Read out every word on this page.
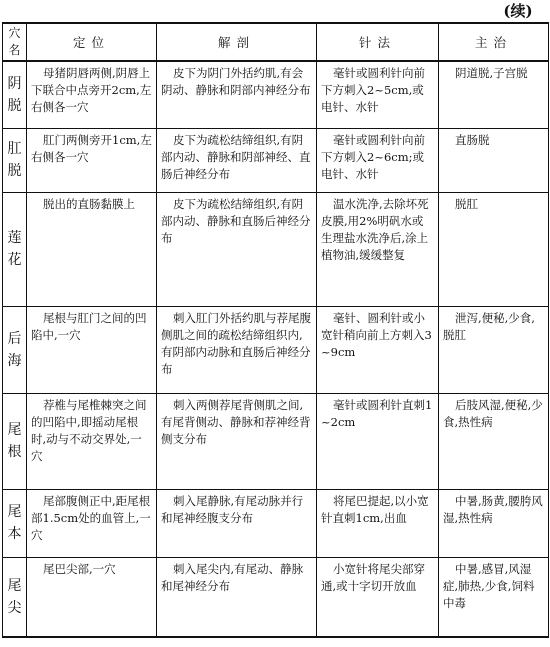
(续)
穴名	定位	解剖	针法	主治

阴
脱	母猪阴唇两侧,阴唇上下联合中点旁开2cm,左右侧各一穴	皮下为阴门外括约肌,有会阴动、静脉和阴部内神经分布	毫针或圆利针向前下方刺入2~5cm,或电针、水针	阴道脱,子宫脱

肛
脱	肛门两侧旁开1cm,左右侧各一穴	皮下为疏松结缔组织,有阴部内动、静脉和阴部神经、直肠后神经分布	毫针或圆利针向前下方刺入2~6cm;或电针、水针	直肠脱

莲
花	脱出的直肠黏膜上	皮下为疏松结缔组织,有阴部内动、静脉和直肠后神经分布	温水洗净,去除坏死皮膜,用2%明矾水或生理盐水洗净后,涂上植物油,缓缓整复	脱肛

后
海	尾根与肛门之间的凹陷中,一穴	刺入肛门外括约肌与荐尾腹侧肌之间的疏松结缔组织内,有阴部内动脉和直肠后神经分布	毫针、圆利针或小宽针稍向前上方刺入3~9cm	泄泻,便秘,少食,脱肛

尾
根	荐椎与尾椎棘突之间的凹陷中,即摇动尾根时,动与不动交界处,一穴	刺入两侧荐尾背侧肌之间,有尾背侧动、静脉和荐神经背侧支分布	毫针或圆利针直刺1~2cm	后肢风湿,便秘,少食,热性病

尾
本	尾部腹侧正中,距尾根部1.5cm处的血管上,一穴	刺入尾静脉,有尾动脉并行和尾神经腹支分布	将尾巴提起,以小宽针直刺1cm,出血	中暑,肠黄,腰胯风湿,热性病

尾
尖	尾巴尖部,一穴	刺入尾尖内,有尾动、静脉和尾神经分布	小宽针将尾尖部穿通,或十字切开放血	中暑,感冒,风湿症,肺热,少食,饲料中毒
